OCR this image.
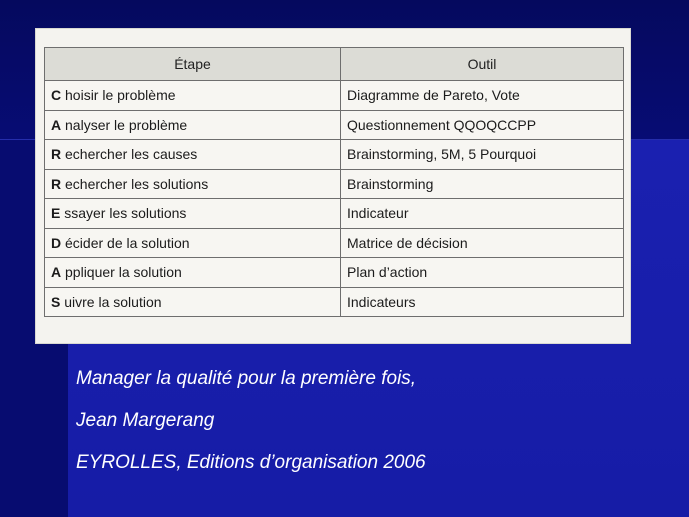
Étape	Outil
C hoisir le problème	Diagramme de Pareto, Vote
A nalyser le problème	Questionnement QQOQCCPP
R echercher les causes	Brainstorming, 5M, 5 Pourquoi
R echercher les solutions	Brainstorming
E ssayer les solutions	Indicateur
D écider de la solution	Matrice de décision
A ppliquer la solution	Plan d’action
S uivre la solution	Indicateurs
Manager la qualité pour la première fois,
Jean Margerang
EYROLLES, Editions d’organisation 2006
